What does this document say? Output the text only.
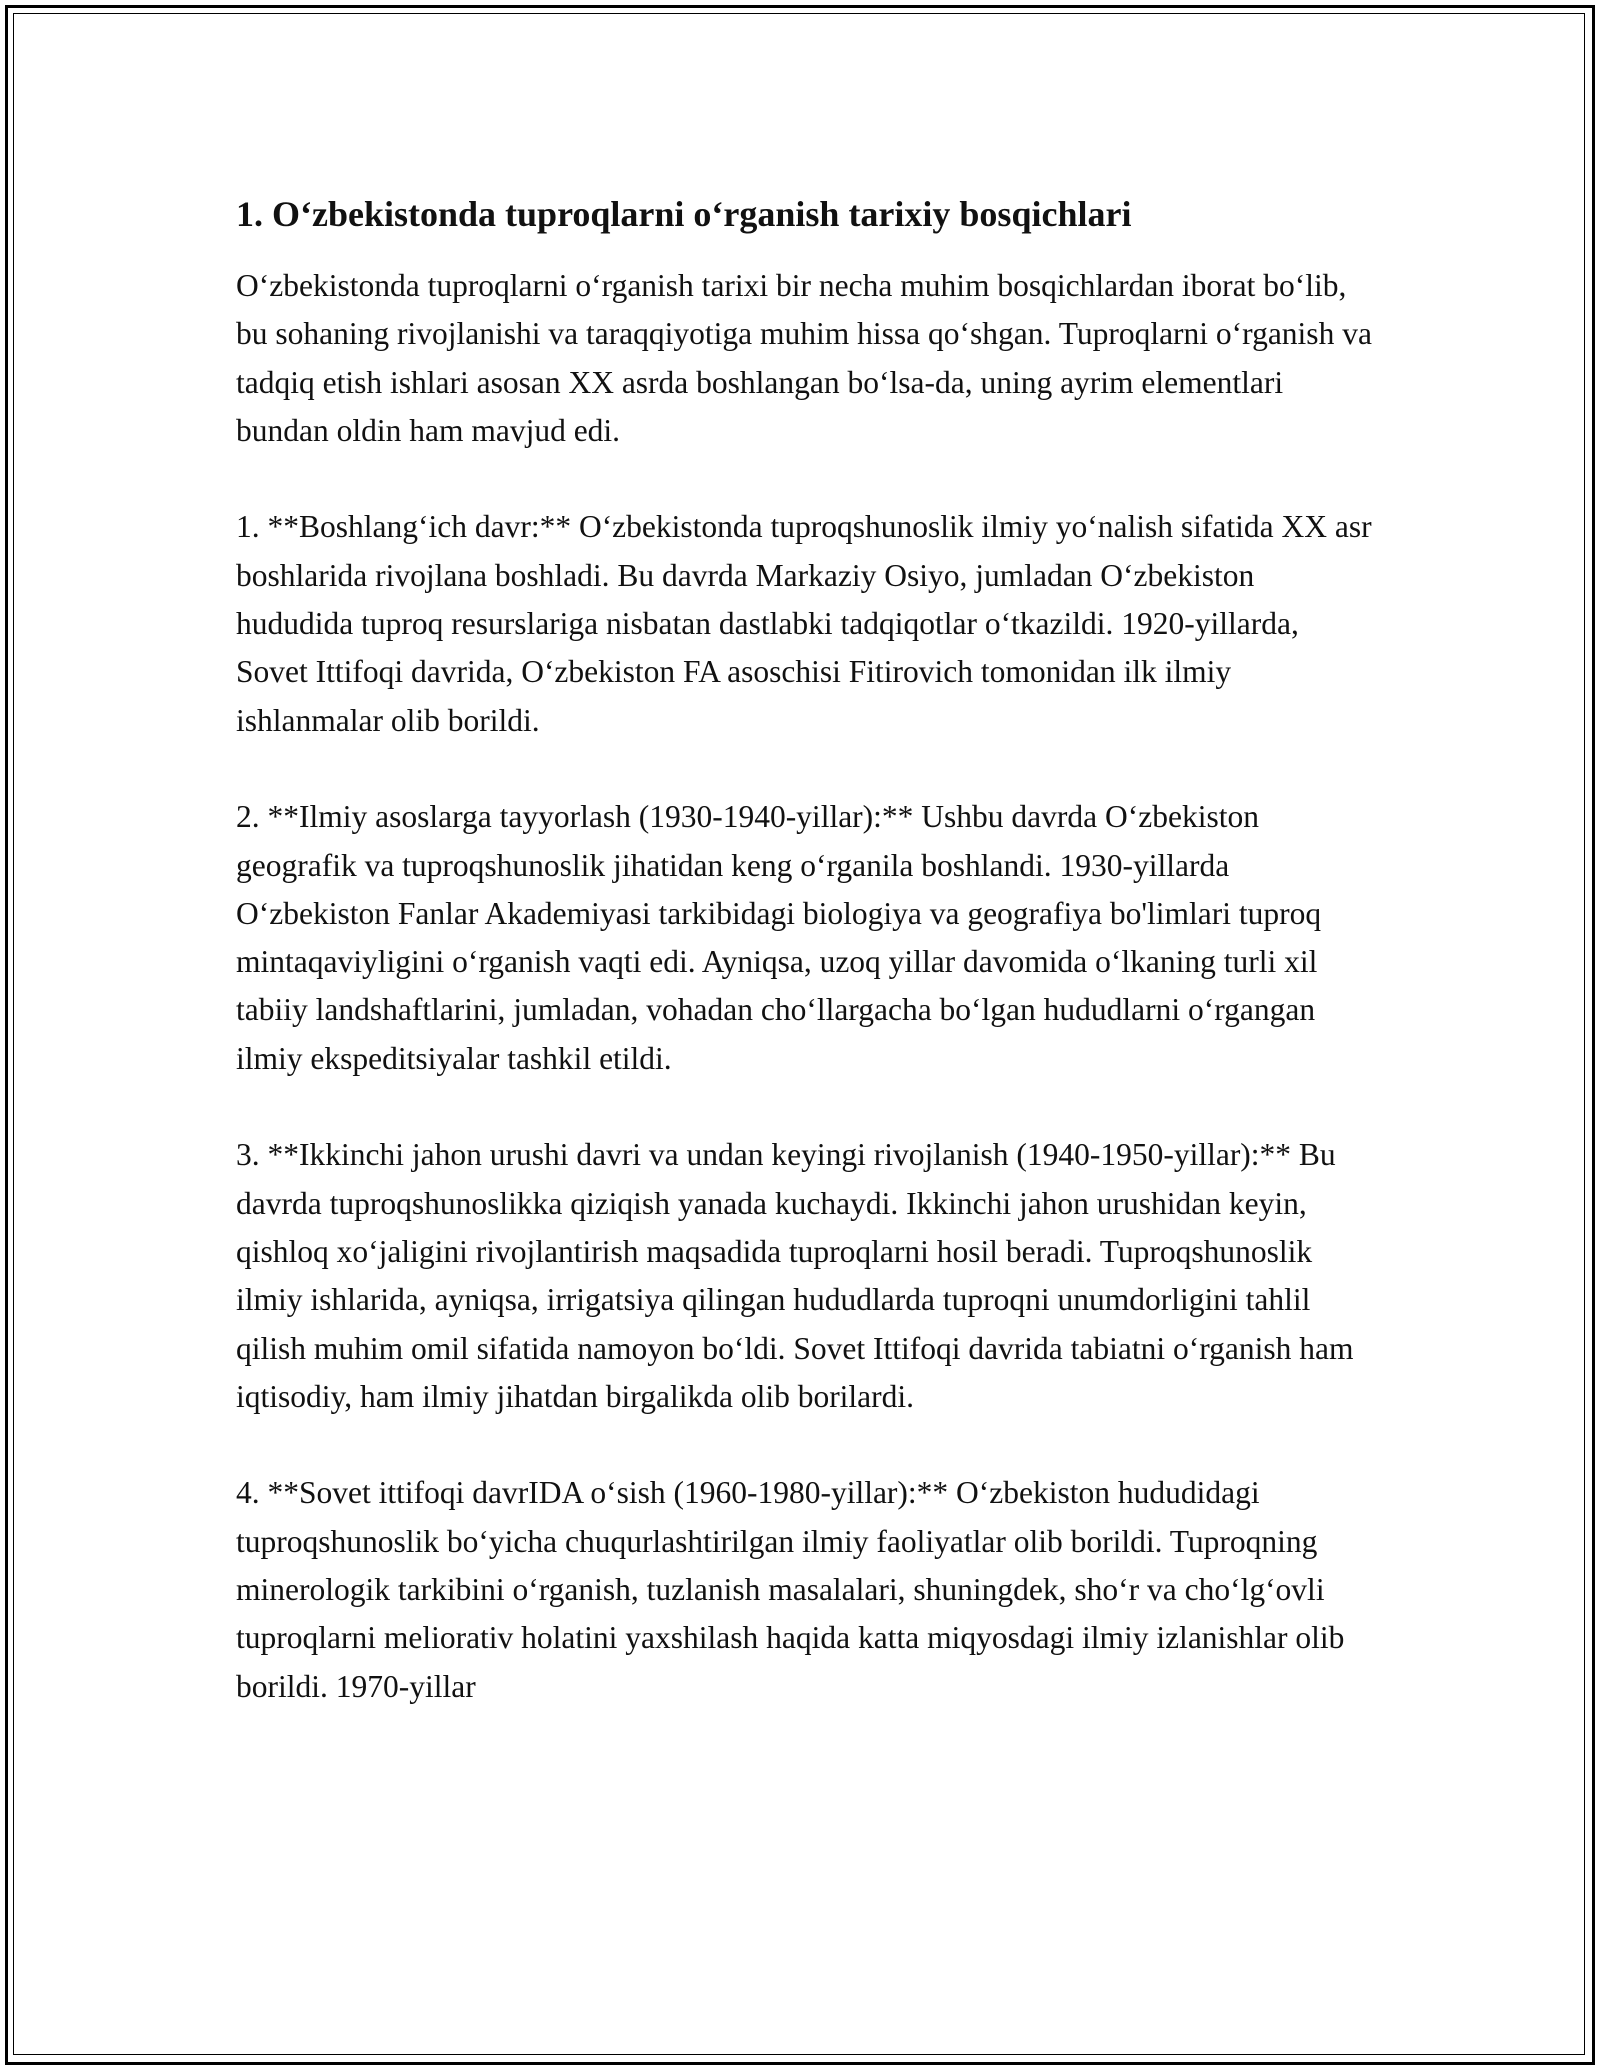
1. O‘zbekistonda tuproqlarni o‘rganish tarixiy bosqichlari

O‘zbekistonda tuproqlarni o‘rganish tarixi bir necha muhim bosqichlardan iborat bo‘lib, bu sohaning rivojlanishi va taraqqiyotiga muhim hissa qo‘shgan. Tuproqlarni o‘rganish va tadqiq etish ishlari asosan XX asrda boshlangan bo‘lsa-da, uning ayrim elementlari bundan oldin ham mavjud edi.

1. **Boshlang‘ich davr:** O‘zbekistonda tuproqshunoslik ilmiy yo‘nalish sifatida XX asr boshlarida rivojlana boshladi. Bu davrda Markaziy Osiyo, jumladan O‘zbekiston hududida tuproq resurslariga nisbatan dastlabki tadqiqotlar o‘tkazildi. 1920-yillarda, Sovet Ittifoqi davrida, O‘zbekiston FA asoschisi Fitirovich tomonidan ilk ilmiy ishlanmalar olib borildi.

2. **Ilmiy asoslarga tayyorlash (1930-1940-yillar):** Ushbu davrda O‘zbekiston geografik va tuproqshunoslik jihatidan keng o‘rganila boshlandi. 1930-yillarda O‘zbekiston Fanlar Akademiyasi tarkibidagi biologiya va geografiya bo'limlari tuproq mintaqaviyligini o‘rganish vaqti edi. Ayniqsa, uzoq yillar davomida o‘lkaning turli xil tabiiy landshaftlarini, jumladan, vohadan cho‘llargacha bo‘lgan hududlarni o‘rgangan ilmiy ekspeditsiyalar tashkil etildi.

3. **Ikkinchi jahon urushi davri va undan keyingi rivojlanish (1940-1950-yillar):** Bu davrda tuproqshunoslikka qiziqish yanada kuchaydi. Ikkinchi jahon urushidan keyin, qishloq xo‘jaligini rivojlantirish maqsadida tuproqlarni hosil beradi. Tuproqshunoslik ilmiy ishlarida, ayniqsa, irrigatsiya qilingan hududlarda tuproqni unumdorligini tahlil qilish muhim omil sifatida namoyon bo‘ldi. Sovet Ittifoqi davrida tabiatni o‘rganish ham iqtisodiy, ham ilmiy jihatdan birgalikda olib borilardi.

4. **Sovet ittifoqi davrIDA o‘sish (1960-1980-yillar):** O‘zbekiston hududidagi tuproqshunoslik bo‘yicha chuqurlashtirilgan ilmiy faoliyatlar olib borildi. Tuproqning minerologik tarkibini o‘rganish, tuzlanish masalalari, shuningdek, sho‘r va cho‘lg‘ovli tuproqlarni meliorativ holatini yaxshilash haqida katta miqyosdagi ilmiy izlanishlar olib borildi. 1970-yillar
